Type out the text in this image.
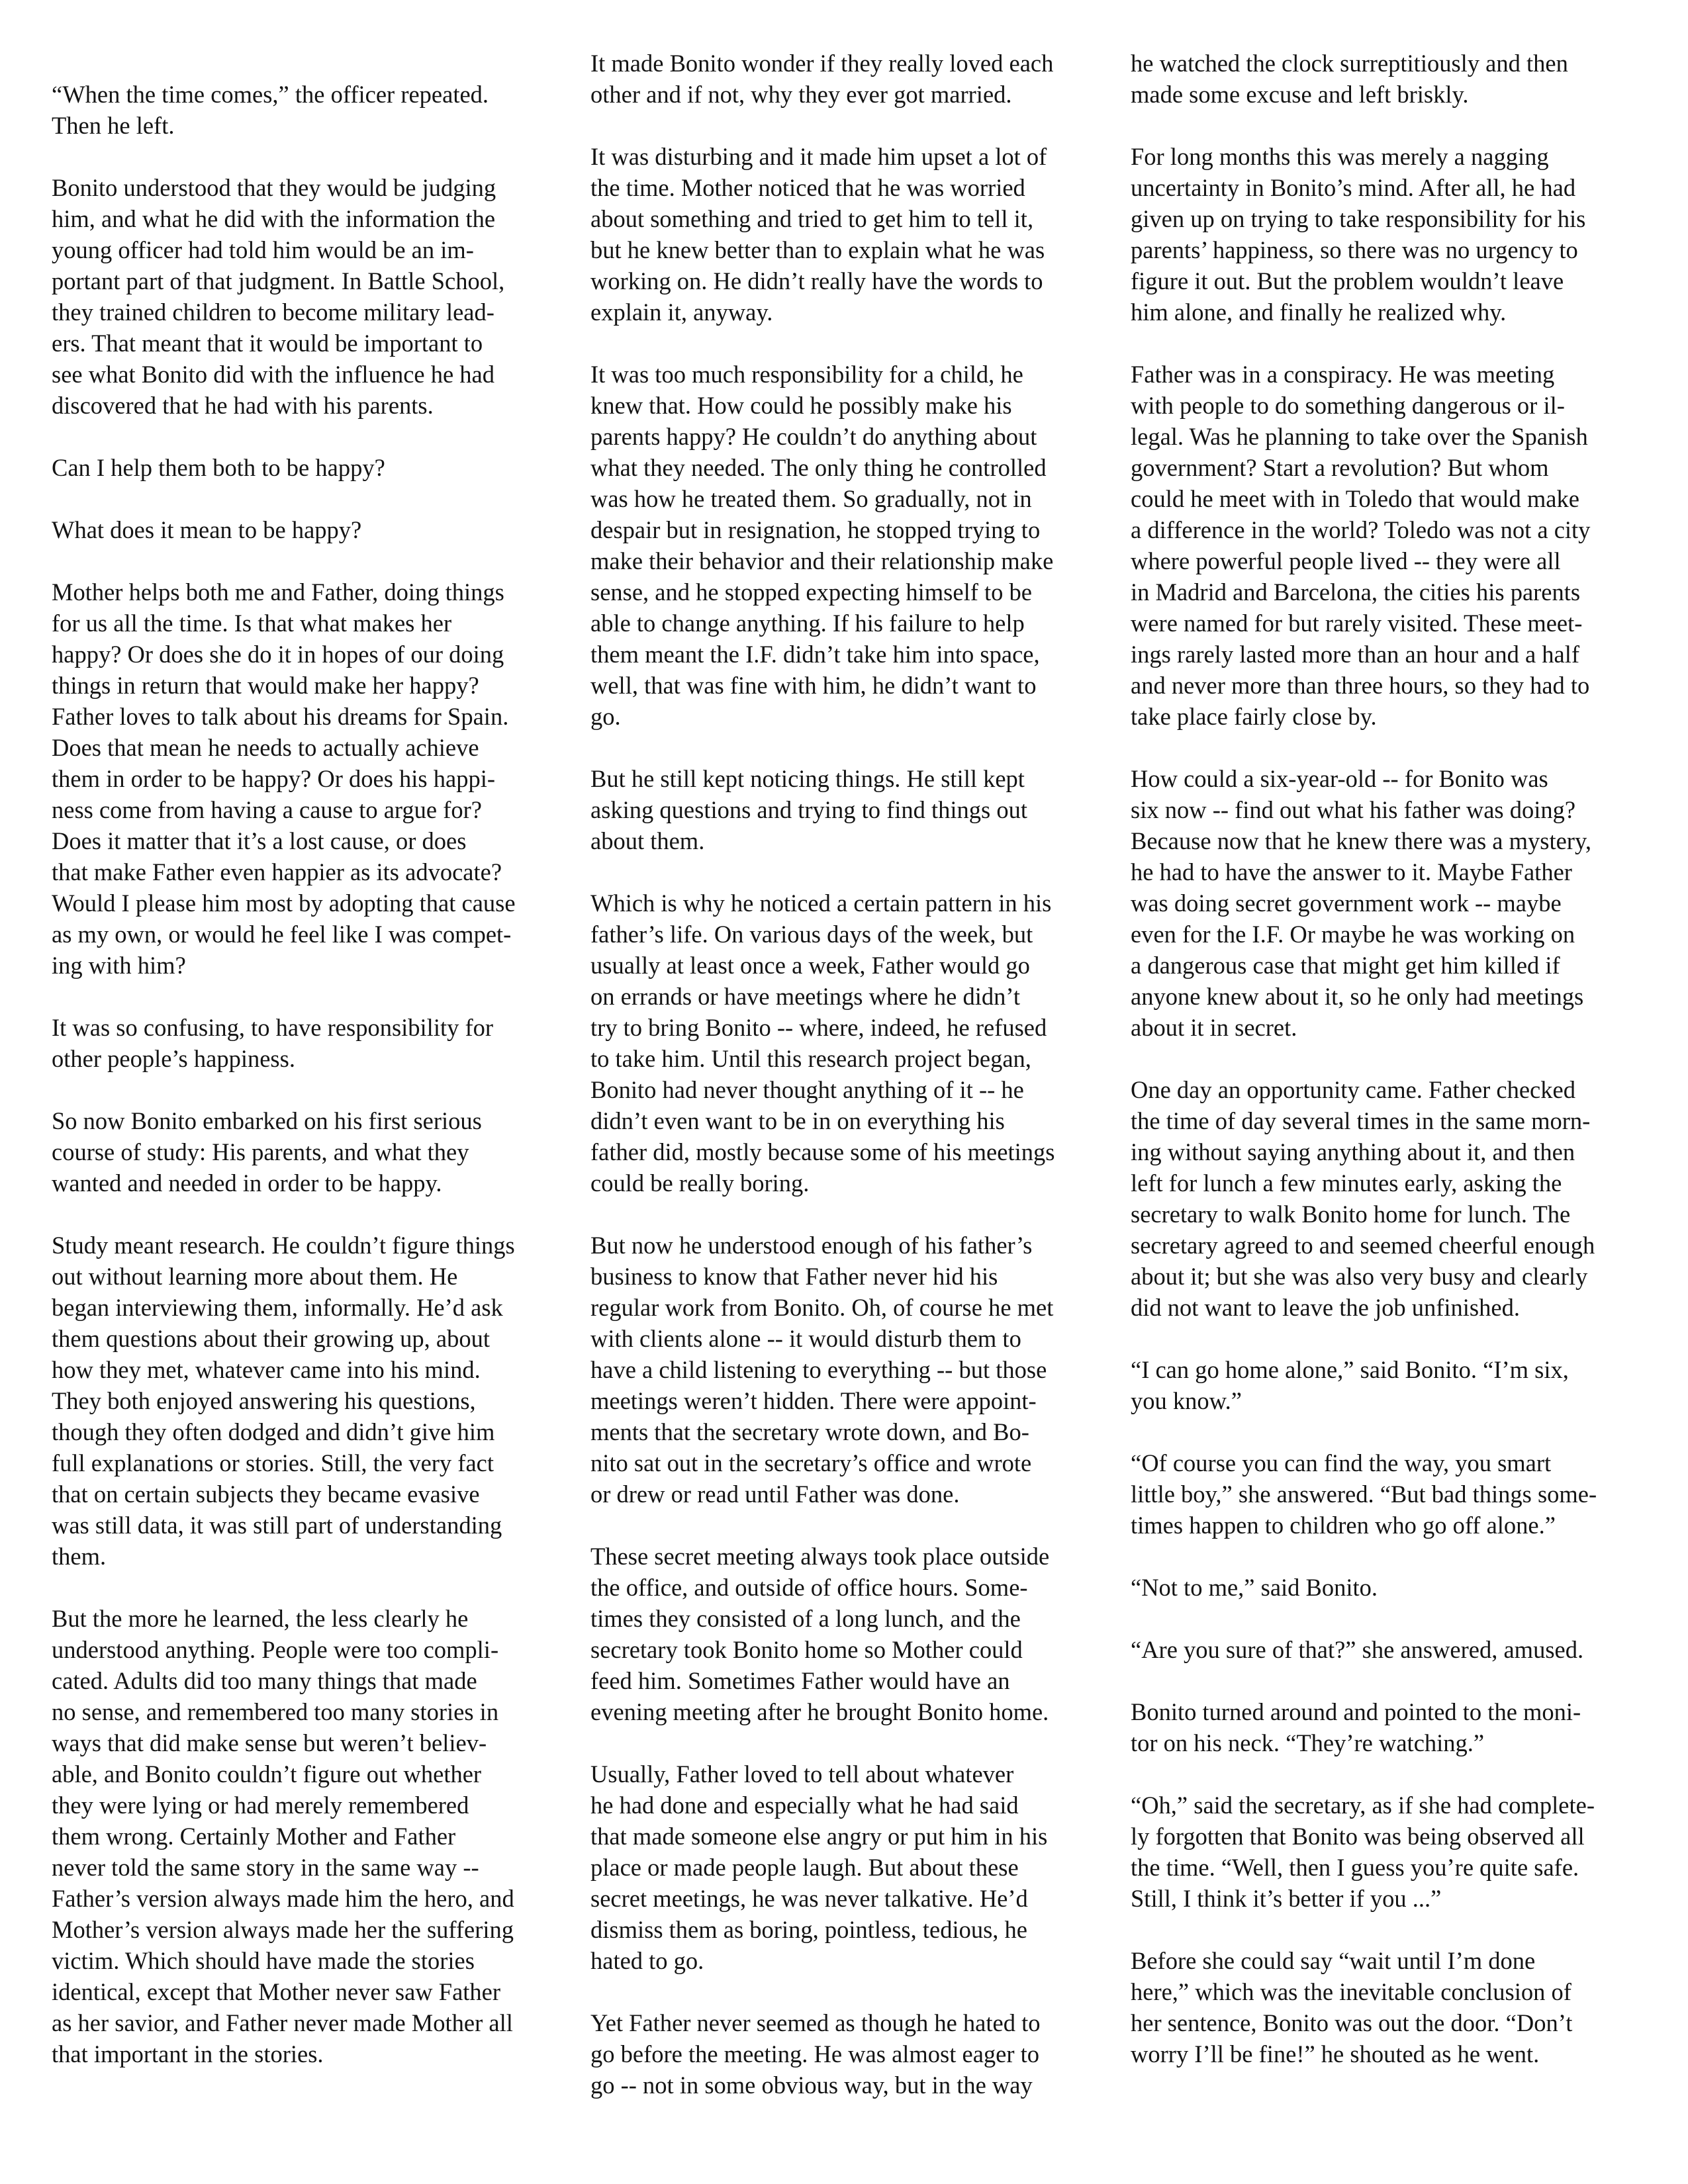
“When the time comes,” the officer repeated.
Then he left.

Bonito understood that they would be judging
him, and what he did with the information the
young officer had told him would be an im-
portant part of that judgment. In Battle School,
they trained children to become military lead-
ers. That meant that it would be important to
see what Bonito did with the influence he had
discovered that he had with his parents.

Can I help them both to be happy?

What does it mean to be happy?

Mother helps both me and Father, doing things
for us all the time. Is that what makes her
happy? Or does she do it in hopes of our doing
things in return that would make her happy?
Father loves to talk about his dreams for Spain.
Does that mean he needs to actually achieve
them in order to be happy? Or does his happi-
ness come from having a cause to argue for?
Does it matter that it’s a lost cause, or does
that make Father even happier as its advocate?
Would I please him most by adopting that cause
as my own, or would he feel like I was compet-
ing with him?

It was so confusing, to have responsibility for
other people’s happiness.

So now Bonito embarked on his first serious
course of study: His parents, and what they
wanted and needed in order to be happy.

Study meant research. He couldn’t figure things
out without learning more about them. He
began interviewing them, informally. He’d ask
them questions about their growing up, about
how they met, whatever came into his mind.
They both enjoyed answering his questions,
though they often dodged and didn’t give him
full explanations or stories. Still, the very fact
that on certain subjects they became evasive
was still data, it was still part of understanding
them.

But the more he learned, the less clearly he
understood anything. People were too compli-
cated. Adults did too many things that made
no sense, and remembered too many stories in
ways that did make sense but weren’t believ-
able, and Bonito couldn’t figure out whether
they were lying or had merely remembered
them wrong. Certainly Mother and Father
never told the same story in the same way --
Father’s version always made him the hero, and
Mother’s version always made her the suffering
victim. Which should have made the stories
identical, except that Mother never saw Father
as her savior, and Father never made Mother all
that important in the stories.

It made Bonito wonder if they really loved each
other and if not, why they ever got married.

It was disturbing and it made him upset a lot of
the time. Mother noticed that he was worried
about something and tried to get him to tell it,
but he knew better than to explain what he was
working on. He didn’t really have the words to
explain it, anyway.

It was too much responsibility for a child, he
knew that. How could he possibly make his
parents happy? He couldn’t do anything about
what they needed. The only thing he controlled
was how he treated them. So gradually, not in
despair but in resignation, he stopped trying to
make their behavior and their relationship make
sense, and he stopped expecting himself to be
able to change anything. If his failure to help
them meant the I.F. didn’t take him into space,
well, that was fine with him, he didn’t want to
go.

But he still kept noticing things. He still kept
asking questions and trying to find things out
about them.

Which is why he noticed a certain pattern in his
father’s life. On various days of the week, but
usually at least once a week, Father would go
on errands or have meetings where he didn’t
try to bring Bonito -- where, indeed, he refused
to take him. Until this research project began,
Bonito had never thought anything of it -- he
didn’t even want to be in on everything his
father did, mostly because some of his meetings
could be really boring.

But now he understood enough of his father’s
business to know that Father never hid his
regular work from Bonito. Oh, of course he met
with clients alone -- it would disturb them to
have a child listening to everything -- but those
meetings weren’t hidden. There were appoint-
ments that the secretary wrote down, and Bo-
nito sat out in the secretary’s office and wrote
or drew or read until Father was done.

These secret meeting always took place outside
the office, and outside of office hours. Some-
times they consisted of a long lunch, and the
secretary took Bonito home so Mother could
feed him. Sometimes Father would have an
evening meeting after he brought Bonito home.

Usually, Father loved to tell about whatever
he had done and especially what he had said
that made someone else angry or put him in his
place or made people laugh. But about these
secret meetings, he was never talkative. He’d
dismiss them as boring, pointless, tedious, he
hated to go.

Yet Father never seemed as though he hated to
go before the meeting. He was almost eager to
go -- not in some obvious way, but in the way

he watched the clock surreptitiously and then
made some excuse and left briskly.

For long months this was merely a nagging
uncertainty in Bonito’s mind. After all, he had
given up on trying to take responsibility for his
parents’ happiness, so there was no urgency to
figure it out. But the problem wouldn’t leave
him alone, and finally he realized why.

Father was in a conspiracy. He was meeting
with people to do something dangerous or il-
legal. Was he planning to take over the Spanish
government? Start a revolution? But whom
could he meet with in Toledo that would make
a difference in the world? Toledo was not a city
where powerful people lived -- they were all
in Madrid and Barcelona, the cities his parents
were named for but rarely visited. These meet-
ings rarely lasted more than an hour and a half
and never more than three hours, so they had to
take place fairly close by.

How could a six-year-old -- for Bonito was
six now -- find out what his father was doing?
Because now that he knew there was a mystery,
he had to have the answer to it. Maybe Father
was doing secret government work -- maybe
even for the I.F. Or maybe he was working on
a dangerous case that might get him killed if
anyone knew about it, so he only had meetings
about it in secret.

One day an opportunity came. Father checked
the time of day several times in the same morn-
ing without saying anything about it, and then
left for lunch a few minutes early, asking the
secretary to walk Bonito home for lunch. The
secretary agreed to and seemed cheerful enough
about it; but she was also very busy and clearly
did not want to leave the job unfinished.

“I can go home alone,” said Bonito. “I’m six,
you know.”

“Of course you can find the way, you smart
little boy,” she answered. “But bad things some-
times happen to children who go off alone.”

“Not to me,” said Bonito.

“Are you sure of that?” she answered, amused.

Bonito turned around and pointed to the moni-
tor on his neck. “They’re watching.”

“Oh,” said the secretary, as if she had complete-
ly forgotten that Bonito was being observed all
the time. “Well, then I guess you’re quite safe.
Still, I think it’s better if you ...”

Before she could say “wait until I’m done
here,” which was the inevitable conclusion of
her sentence, Bonito was out the door. “Don’t
worry I’ll be fine!” he shouted as he went.
